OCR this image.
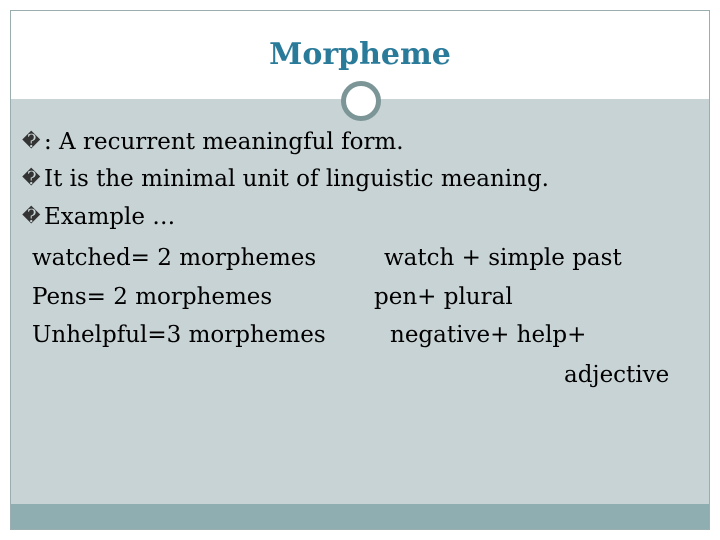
Morpheme
� : A recurrent meaningful form.
� It is the minimal unit of linguistic meaning.
� Example …
watched= 2 morphemes	watch + simple past
Pens= 2 morphemes	pen+ plural
Unhelpful=3 morphemes	negative+ help+
adjective
